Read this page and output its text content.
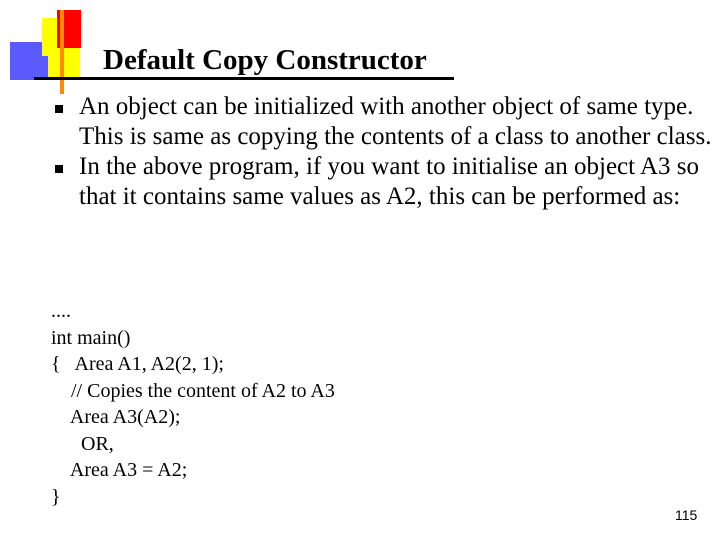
Default Copy Constructor
An object can be initialized with another object of same type. This is same as copying the contents of a class to another class.
In the above program, if you want to initialise an object A3 so that it contains same values as A2, this can be performed as:
....
int main()
{   Area A1, A2(2, 1);
// Copies the content of A2 to A3
Area A3(A2);
OR,
Area A3 = A2;
}
115
